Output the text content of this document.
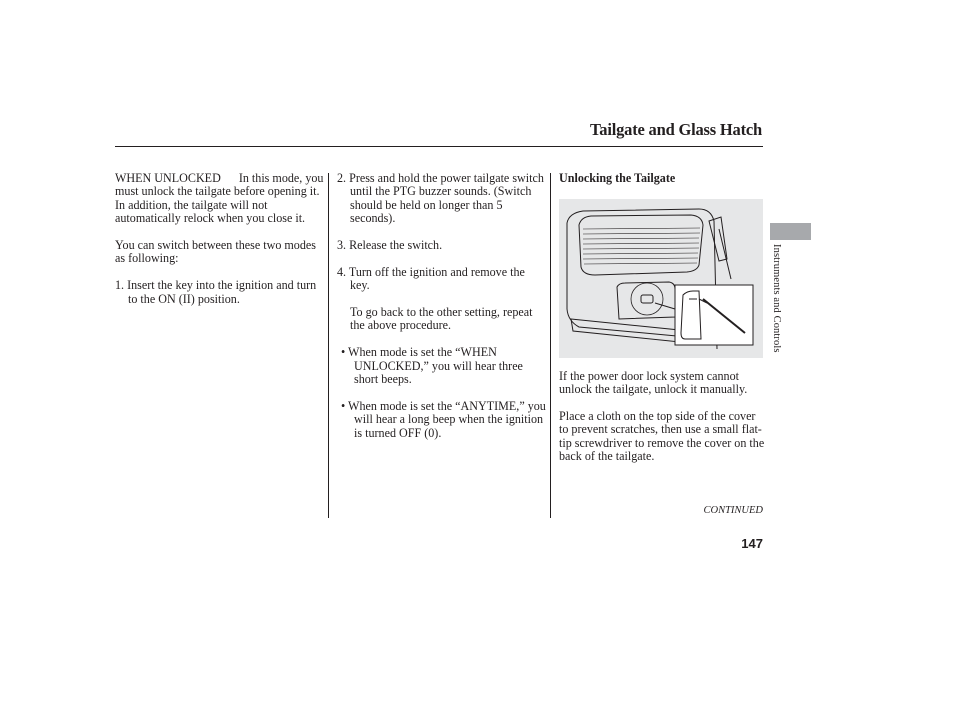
Tailgate and Glass Hatch

WHEN UNLOCKED In this mode, you must unlock the tailgate before opening it. In addition, the tailgate will not automatically relock when you close it.

You can switch between these two modes as following:

1. Insert the key into the ignition and turn to the ON (II) position.

2. Press and hold the power tailgate switch until the PTG buzzer sounds. (Switch should be held on longer than 5 seconds).

3. Release the switch.

4. Turn off the ignition and remove the key.

To go back to the other setting, repeat the above procedure.

• When mode is set the “WHEN UNLOCKED,” you will hear three short beeps.

• When mode is set the “ANYTIME,” you will hear a long beep when the ignition is turned OFF (0).

Unlocking the Tailgate

If the power door lock system cannot unlock the tailgate, unlock it manually.

Place a cloth on the top side of the cover to prevent scratches, then use a small flat-tip screwdriver to remove the cover on the back of the tailgate.

CONTINUED
147
Instruments and Controls
